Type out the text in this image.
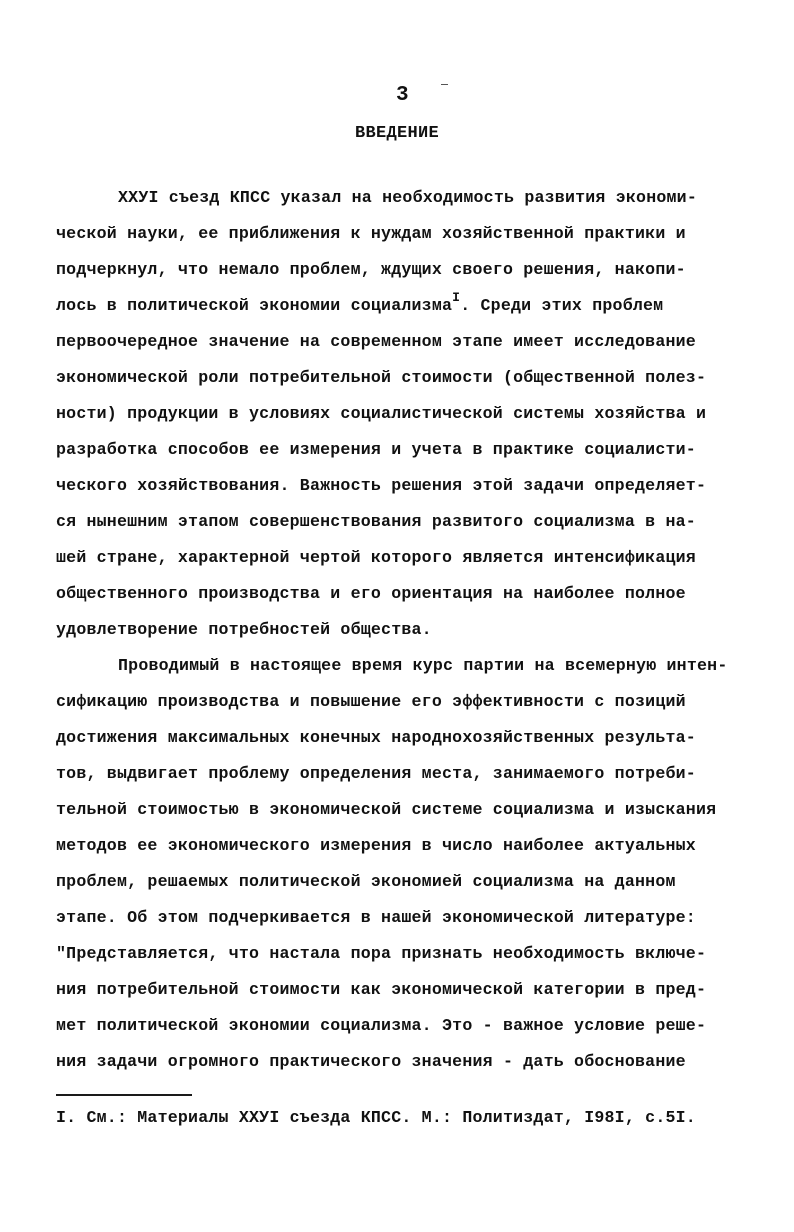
3
ВВЕДЕНИЕ
ХХУI съезд КПСС указал на необходимость развития экономи-
ческой науки, ее приближения к нуждам хозяйственной практики и
подчеркнул, что немало проблем, ждущих своего решения, накопи-
лось в политической экономии социализма$^I$. Среди этих проблем
первоочередное значение на современном этапе имеет исследование
экономической роли потребительной стоимости (общественной полез-
ности) продукции в условиях социалистической системы хозяйства и
разработка способов ее измерения и учета в практике социалисти-
ческого хозяйствования. Важность решения этой задачи определяет-
ся нынешним этапом совершенствования развитого социализма в на-
шей стране, характерной чертой которого является интенсификация
общественного производства и его ориентация на наиболее полное
удовлетворение потребностей общества.
Проводимый в настоящее время курс партии на всемерную интен-
сификацию производства и повышение его эффективности с позиций
достижения максимальных конечных народнохозяйственных результа-
тов, выдвигает проблему определения места, занимаемого потреби-
тельной стоимостью в экономической системе социализма и изыскания
методов ее экономического измерения в число наиболее актуальных
проблем, решаемых политической экономией социализма на данном
этапе. Об этом подчеркивается в нашей экономической литературе:
"Представляется, что настала пора признать необходимость включе-
ния потребительной стоимости как экономической категории в пред-
мет политической экономии социализма. Это - важное условие реше-
ния задачи огромного практического значения - дать обоснование
I. См.: Материалы ХХУI съезда КПСС. М.: Политиздат, I98I, с.5I.
